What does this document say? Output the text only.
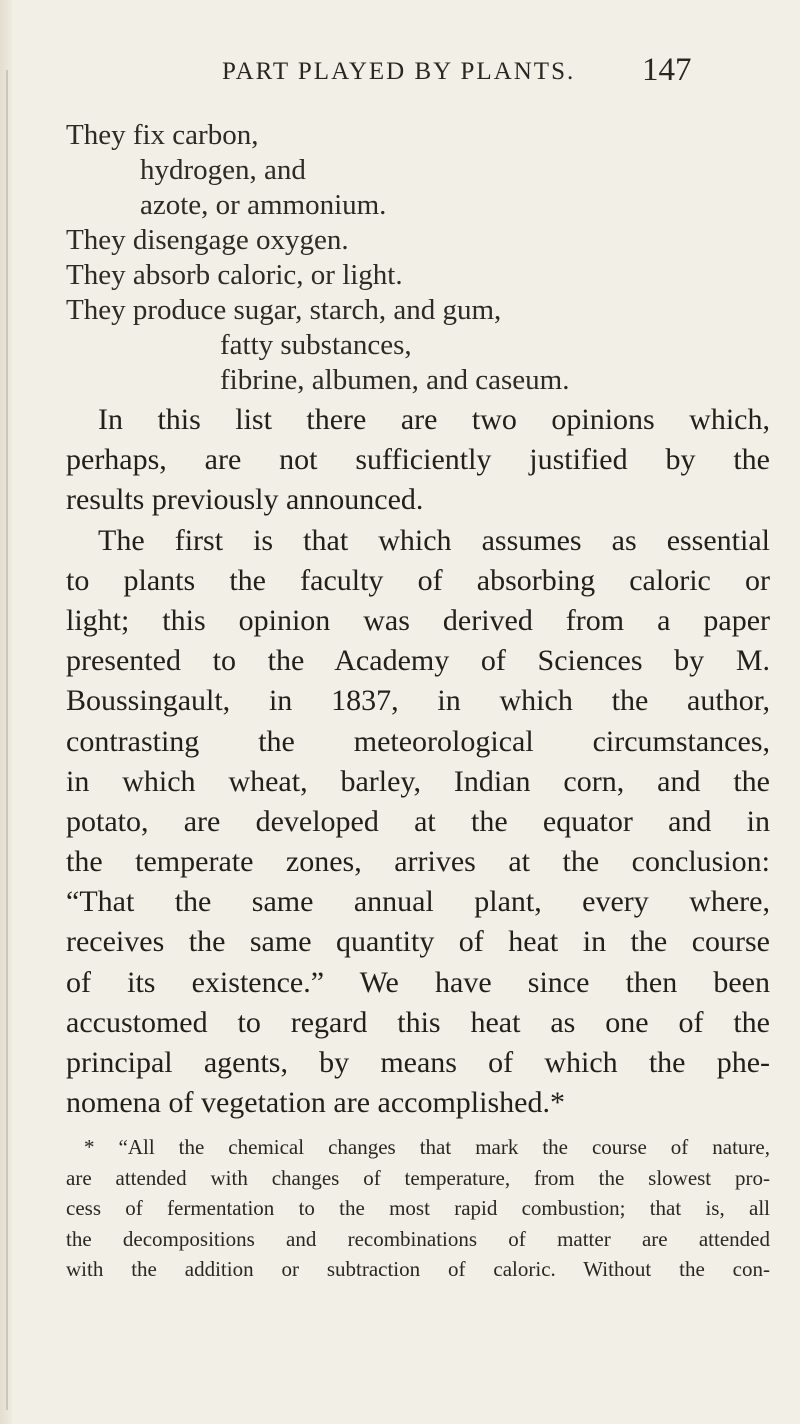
PART PLAYED BY PLANTS. 147
They fix carbon,
hydrogen, and
azote, or ammonium.
They disengage oxygen.
They absorb caloric, or light.
They produce sugar, starch, and gum,
fatty substances,
fibrine, albumen, and caseum.
In this list there are two opinions which,
perhaps, are not sufficiently justified by the
results previously announced.
The first is that which assumes as essential
to plants the faculty of absorbing caloric or
light; this opinion was derived from a paper
presented to the Academy of Sciences by M.
Boussingault, in 1837, in which the author,
contrasting the meteorological circumstances,
in which wheat, barley, Indian corn, and the
potato, are developed at the equator and in
the temperate zones, arrives at the conclusion:
“That the same annual plant, every where,
receives the same quantity of heat in the course
of its existence.” We have since then been
accustomed to regard this heat as one of the
principal agents, by means of which the phe-
nomena of vegetation are accomplished.*
* “All the chemical changes that mark the course of nature,
are attended with changes of temperature, from the slowest pro-
cess of fermentation to the most rapid combustion; that is, all
the decompositions and recombinations of matter are attended
with the addition or subtraction of caloric. Without the con-
